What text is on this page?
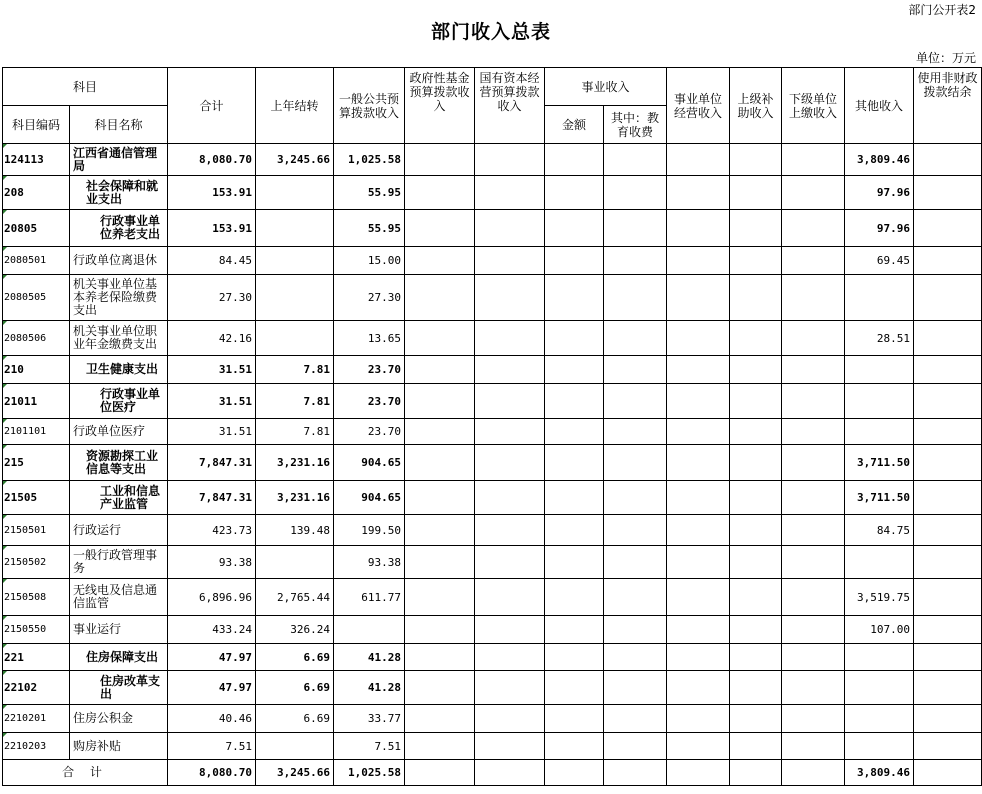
部门公开表2
部门收入总表
单位：万元
科目		合计	上年结转	一般公共预算拨款收入	政府性基金预算拨款收入	国有资本经营预算拨款收入	事业收入		事业单位经营收入	上级补助收入	下级单位上缴收入	其他收入	使用非财政拨款结余
科目编码	科目名称						金额	其中：教育收费					
124113	江西省通信管理局	8,080.70	3,245.66	1,025.58								3,809.46	
208	社会保障和就业支出	153.91		55.95								97.96	
20805	行政事业单位养老支出	153.91		55.95								97.96	
2080501	行政单位离退休	84.45		15.00								69.45	
2080505	机关事业单位基本养老保险缴费支出	27.30		27.30									
2080506	机关事业单位职业年金缴费支出	42.16		13.65								28.51	
210	卫生健康支出	31.51	7.81	23.70									
21011	行政事业单位医疗	31.51	7.81	23.70									
2101101	行政单位医疗	31.51	7.81	23.70									
215	资源勘探工业信息等支出	7,847.31	3,231.16	904.65								3,711.50	
21505	工业和信息产业监管	7,847.31	3,231.16	904.65								3,711.50	
2150501	行政运行	423.73	139.48	199.50								84.75	
2150502	一般行政管理事务	93.38		93.38									
2150508	无线电及信息通信监管	6,896.96	2,765.44	611.77								3,519.75	
2150550	事业运行	433.24	326.24									107.00	
221	住房保障支出	47.97	6.69	41.28									
22102	住房改革支出	47.97	6.69	41.28									
2210201	住房公积金	40.46	6.69	33.77									
2210203	购房补贴	7.51		7.51									
合 计		8,080.70	3,245.66	1,025.58								3,809.46	
